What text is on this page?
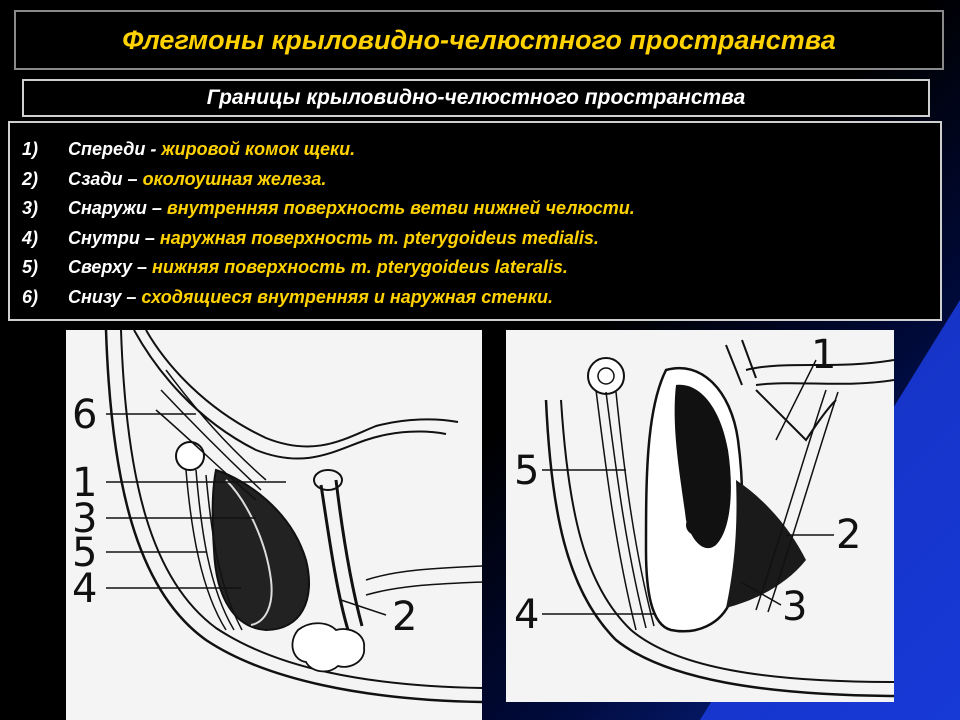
Флегмоны крыловидно-челюстного пространства
Границы крыловидно-челюстного пространства
1)	Спереди - жировой комок щеки.
2)	Сзади – околоушная железа.
3)	Снаружи – внутренняя поверхность ветви нижней челюсти.
4)	Снутри – наружная поверхность m. pterygoideus medialis.
5)	Сверху – нижняя поверхность m. pterygoideus lateralis.
6)	Снизу – сходящиеся внутренняя и наружная стенки.
6
1
3
5
4
2
1
5
2
4	3
